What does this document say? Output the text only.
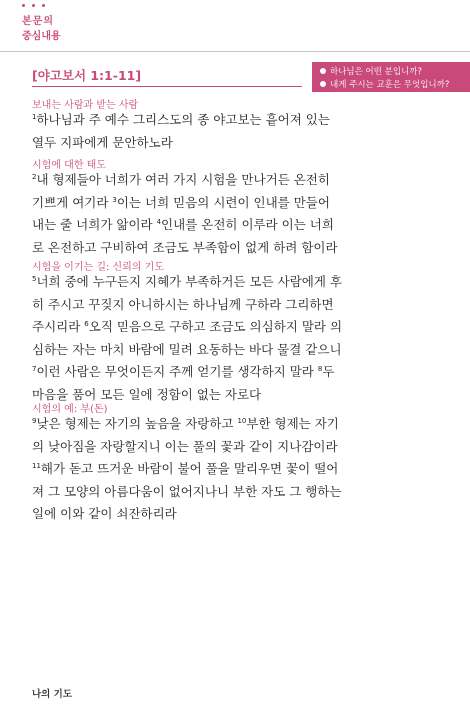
본문의
중심내용
하나님은 어떤 분입니까?
내게 주시는 교훈은 무엇입니까?
[야고보서 1:1-11]
보내는 사람과 받는 사람
$^1$하나님과 주 예수 그리스도의 종 야고보는 흩어져 있는
열두 지파에게 문안하노라
시험에 대한 태도
$^2$내 형제들아 너희가 여러 가지 시험을 만나거든 온전히
기쁘게 여기라 $^3$이는 너희 믿음의 시련이 인내를 만들어
내는 줄 너희가 앎이라 $^4$인내를 온전히 이루라 이는 너희
로 온전하고 구비하여 조금도 부족함이 없게 하려 함이라
시험을 이기는 길: 신뢰의 기도
$^5$너희 중에 누구든지 지혜가 부족하거든 모든 사람에게 후
히 주시고 꾸짖지 아니하시는 하나님께 구하라 그리하면
주시리라 $^6$오직 믿음으로 구하고 조금도 의심하지 말라 의
심하는 자는 마치 바람에 밀려 요동하는 바다 물결 같으니
$^7$이런 사람은 무엇이든지 주께 얻기를 생각하지 말라 $^8$두
마음을 품어 모든 일에 정함이 없는 자로다
시험의 예: 부(돈)
$^9$낮은 형제는 자기의 높음을 자랑하고 $^{10}$부한 형제는 자기
의 낮아짐을 자랑할지니 이는 풀의 꽃과 같이 지나감이라
$^{11}$해가 돋고 뜨거운 바람이 불어 풀을 말리우면 꽃이 떨어
져 그 모양의 아름다움이 없어지나니 부한 자도 그 행하는
일에 이와 같이 쇠잔하리라
나의 기도
